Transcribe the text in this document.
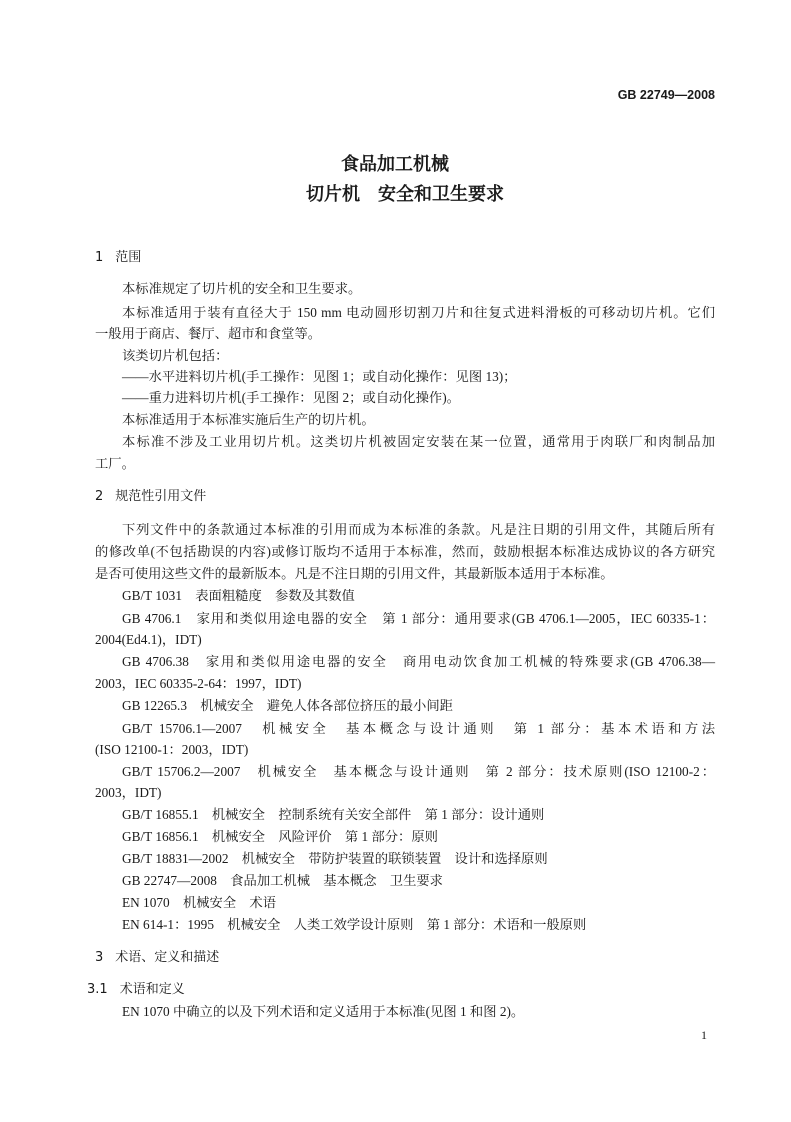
GB 22749—2008
食品加工机械
切片机　安全和卫生要求
1 范围
本标准规定了切片机的安全和卫生要求。
本标准适用于装有直径大于 150 mm 电动圆形切割刀片和往复式进料滑板的可移动切片机。它们
一般用于商店、餐厅、超市和食堂等。
该类切片机包括：
——水平进料切片机(手工操作：见图 1；或自动化操作：见图 13)；
——重力进料切片机(手工操作：见图 2；或自动化操作)。
本标准适用于本标准实施后生产的切片机。
本标准不涉及工业用切片机。这类切片机被固定安装在某一位置，通常用于肉联厂和肉制品加
工厂。
2 规范性引用文件
下列文件中的条款通过本标准的引用而成为本标准的条款。凡是注日期的引用文件，其随后所有
的修改单(不包括勘误的内容)或修订版均不适用于本标准，然而，鼓励根据本标准达成协议的各方研究
是否可使用这些文件的最新版本。凡是不注日期的引用文件，其最新版本适用于本标准。
GB/T 1031　表面粗糙度　参数及其数值
GB 4706.1　家用和类似用途电器的安全　第 1 部分：通用要求(GB 4706.1—2005，IEC 60335-1：
2004(Ed4.1)，IDT)
GB 4706.38　家用和类似用途电器的安全　商用电动饮食加工机械的特殊要求(GB 4706.38—
2003，IEC 60335-2-64：1997，IDT)
GB 12265.3　机械安全　避免人体各部位挤压的最小间距
GB/T 15706.1—2007　机械安全　基本概念与设计通则　第 1 部分：基本术语和方法
(ISO 12100-1：2003，IDT)
GB/T 15706.2—2007　机械安全　基本概念与设计通则　第 2 部分：技术原则(ISO 12100-2：
2003，IDT)
GB/T 16855.1　机械安全　控制系统有关安全部件　第 1 部分：设计通则
GB/T 16856.1　机械安全　风险评价　第 1 部分：原则
GB/T 18831—2002　机械安全　带防护装置的联锁装置　设计和选择原则
GB 22747—2008　食品加工机械　基本概念　卫生要求
EN 1070　机械安全　术语
EN 614-1：1995　机械安全　人类工效学设计原则　第 1 部分：术语和一般原则
3 术语、定义和描述
3.1 术语和定义
EN 1070 中确立的以及下列术语和定义适用于本标准(见图 1 和图 2)。
1
